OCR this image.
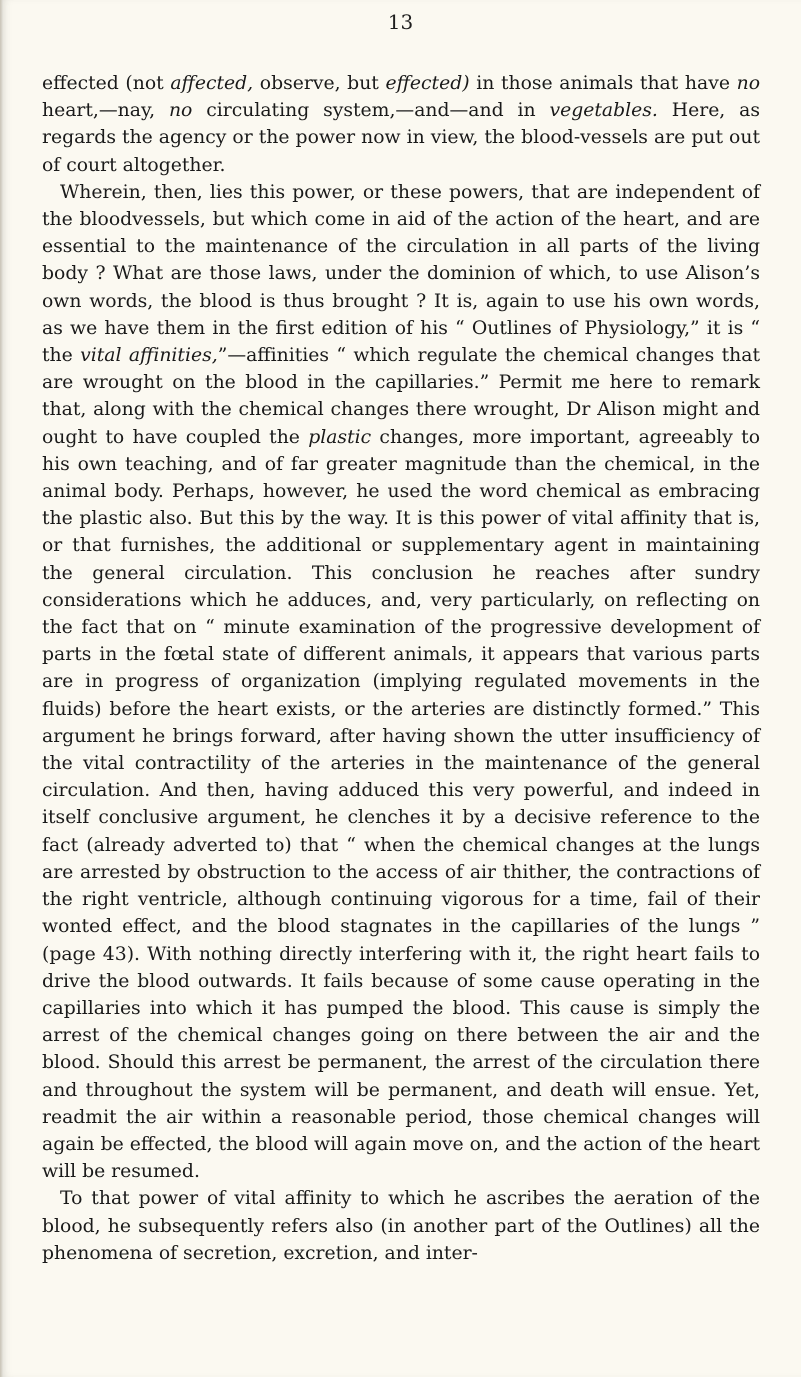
13

effected (not affected, observe, but effected) in those animals that have no heart,—nay, no circulating system,—and—and in vegetables. Here, as regards the agency or the power now in view, the blood-vessels are put out of court altogether.

Wherein, then, lies this power, or these powers, that are independent of the bloodvessels, but which come in aid of the action of the heart, and are essential to the maintenance of the circulation in all parts of the living body ? What are those laws, under the dominion of which, to use Alison’s own words, the blood is thus brought ? It is, again to use his own words, as we have them in the first edition of his “ Outlines of Physiology,” it is “ the vital affinities,”—affinities “ which regulate the chemical changes that are wrought on the blood in the capillaries.” Permit me here to remark that, along with the chemical changes there wrought, Dr Alison might and ought to have coupled the plastic changes, more important, agreeably to his own teaching, and of far greater magnitude than the chemical, in the animal body. Perhaps, however, he used the word chemical as embracing the plastic also. But this by the way. It is this power of vital affinity that is, or that furnishes, the additional or supplementary agent in maintaining the general circulation. This conclusion he reaches after sundry considerations which he adduces, and, very particularly, on reflecting on the fact that on “ minute examination of the progressive development of parts in the fœtal state of different animals, it appears that various parts are in progress of organization (implying regulated movements in the fluids) before the heart exists, or the arteries are distinctly formed.” This argument he brings forward, after having shown the utter insufficiency of the vital contractility of the arteries in the maintenance of the general circulation. And then, having adduced this very powerful, and indeed in itself conclusive argument, he clenches it by a decisive reference to the fact (already adverted to) that “ when the chemical changes at the lungs are arrested by obstruction to the access of air thither, the contractions of the right ventricle, although continuing vigorous for a time, fail of their wonted effect, and the blood stagnates in the capillaries of the lungs ” (page 43). With nothing directly interfering with it, the right heart fails to drive the blood outwards. It fails because of some cause operating in the capillaries into which it has pumped the blood. This cause is simply the arrest of the chemical changes going on there between the air and the blood. Should this arrest be permanent, the arrest of the circulation there and throughout the system will be permanent, and death will ensue. Yet, readmit the air within a reasonable period, those chemical changes will again be effected, the blood will again move on, and the action of the heart will be resumed.

To that power of vital affinity to which he ascribes the aeration of the blood, he subsequently refers also (in another part of the Outlines) all the phenomena of secretion, excretion, and inter-
